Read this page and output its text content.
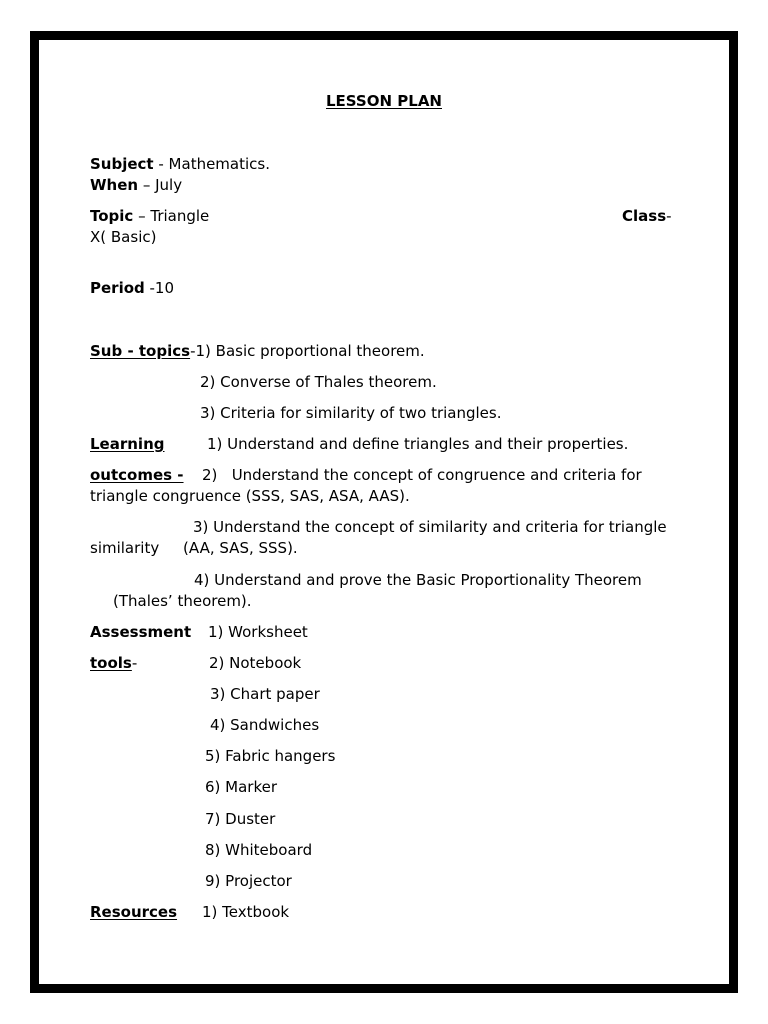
LESSON PLAN
Subject - Mathematics.
When – July
Topic – Triangle	Class-
X( Basic)
Period -10
Sub - topics-1) Basic proportional theorem.
2) Converse of Thales theorem.
3) Criteria for similarity of two triangles.
Learning	1) Understand and define triangles and their properties.
outcomes - 2)   Understand the concept of congruence and criteria for
triangle congruence (SSS, SAS, ASA, AAS).
3) Understand the concept of similarity and criteria for triangle
similarity     (AA, SAS, SSS).
4) Understand and prove the Basic Proportionality Theorem
(Thales’ theorem).
Assessment 1) Worksheet
tools-	2) Notebook
3) Chart paper
4) Sandwiches
5) Fabric hangers
6) Marker
7) Duster
8) Whiteboard
9) Projector
Resources 1) Textbook
